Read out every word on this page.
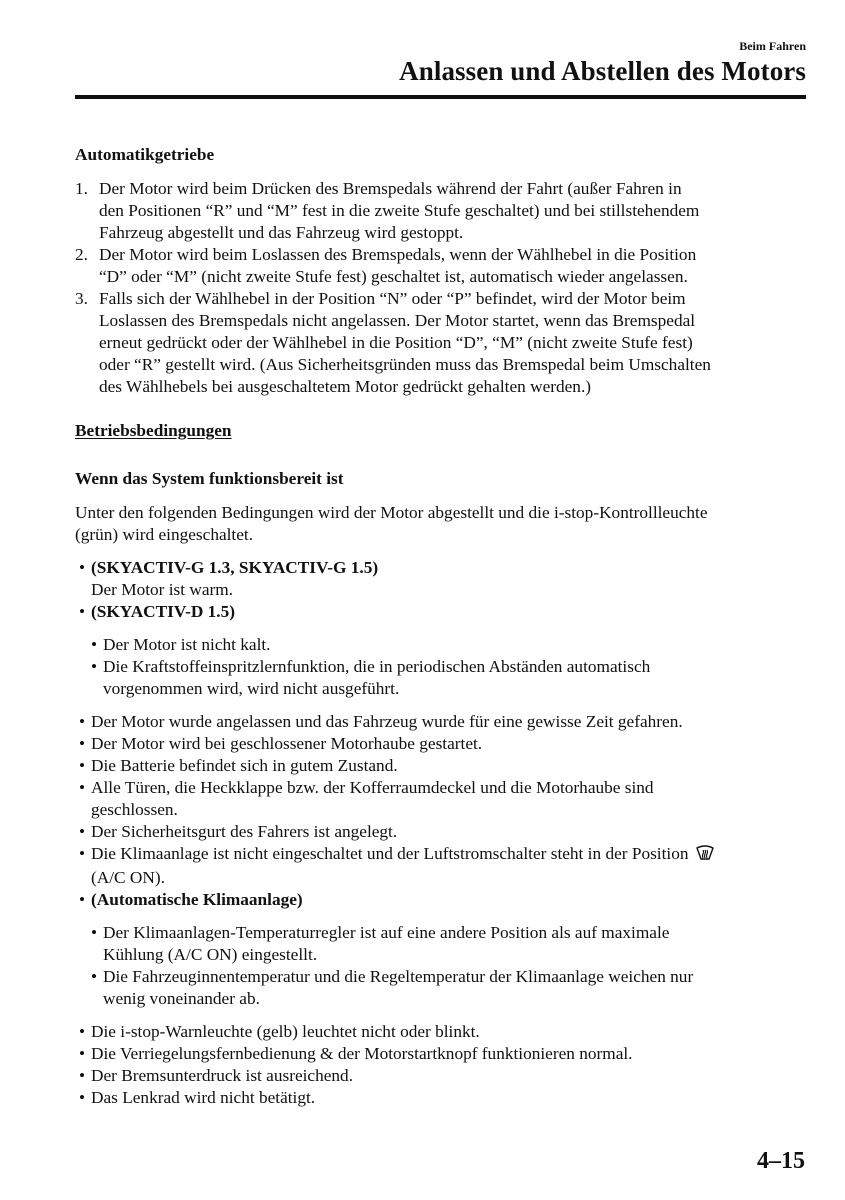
Beim Fahren
Anlassen und Abstellen des Motors
Automatikgetriebe
1. Der Motor wird beim Drücken des Bremspedals während der Fahrt (außer Fahren in
den Positionen “R” und “M” fest in die zweite Stufe geschaltet) und bei stillstehendem
Fahrzeug abgestellt und das Fahrzeug wird gestoppt.
2. Der Motor wird beim Loslassen des Bremspedals, wenn der Wählhebel in die Position
“D” oder “M” (nicht zweite Stufe fest) geschaltet ist, automatisch wieder angelassen.
3. Falls sich der Wählhebel in der Position “N” oder “P” befindet, wird der Motor beim
Loslassen des Bremspedals nicht angelassen. Der Motor startet, wenn das Bremspedal
erneut gedrückt oder der Wählhebel in die Position “D”, “M” (nicht zweite Stufe fest)
oder “R” gestellt wird. (Aus Sicherheitsgründen muss das Bremspedal beim Umschalten
des Wählhebels bei ausgeschaltetem Motor gedrückt gehalten werden.)
Betriebsbedingungen
Wenn das System funktionsbereit ist
Unter den folgenden Bedingungen wird der Motor abgestellt und die i-stop-Kontrollleuchte
(grün) wird eingeschaltet.
• (SKYACTIV-G 1.3, SKYACTIV-G 1.5)
Der Motor ist warm.
• (SKYACTIV-D 1.5)
• Der Motor ist nicht kalt.
• Die Kraftstoffeinspritzlernfunktion, die in periodischen Abständen automatisch
vorgenommen wird, wird nicht ausgeführt.
• Der Motor wurde angelassen und das Fahrzeug wurde für eine gewisse Zeit gefahren.
• Der Motor wird bei geschlossener Motorhaube gestartet.
• Die Batterie befindet sich in gutem Zustand.
• Alle Türen, die Heckklappe bzw. der Kofferraumdeckel und die Motorhaube sind
geschlossen.
• Der Sicherheitsgurt des Fahrers ist angelegt.
• Die Klimaanlage ist nicht eingeschaltet und der Luftstromschalter steht in der Position
(A/C ON).
• (Automatische Klimaanlage)
• Der Klimaanlagen-Temperaturregler ist auf eine andere Position als auf maximale
Kühlung (A/C ON) eingestellt.
• Die Fahrzeuginnentemperatur und die Regeltemperatur der Klimaanlage weichen nur
wenig voneinander ab.
• Die i-stop-Warnleuchte (gelb) leuchtet nicht oder blinkt.
• Die Verriegelungsfernbedienung & der Motorstartknopf funktionieren normal.
• Der Bremsunterdruck ist ausreichend.
• Das Lenkrad wird nicht betätigt.
4–15
